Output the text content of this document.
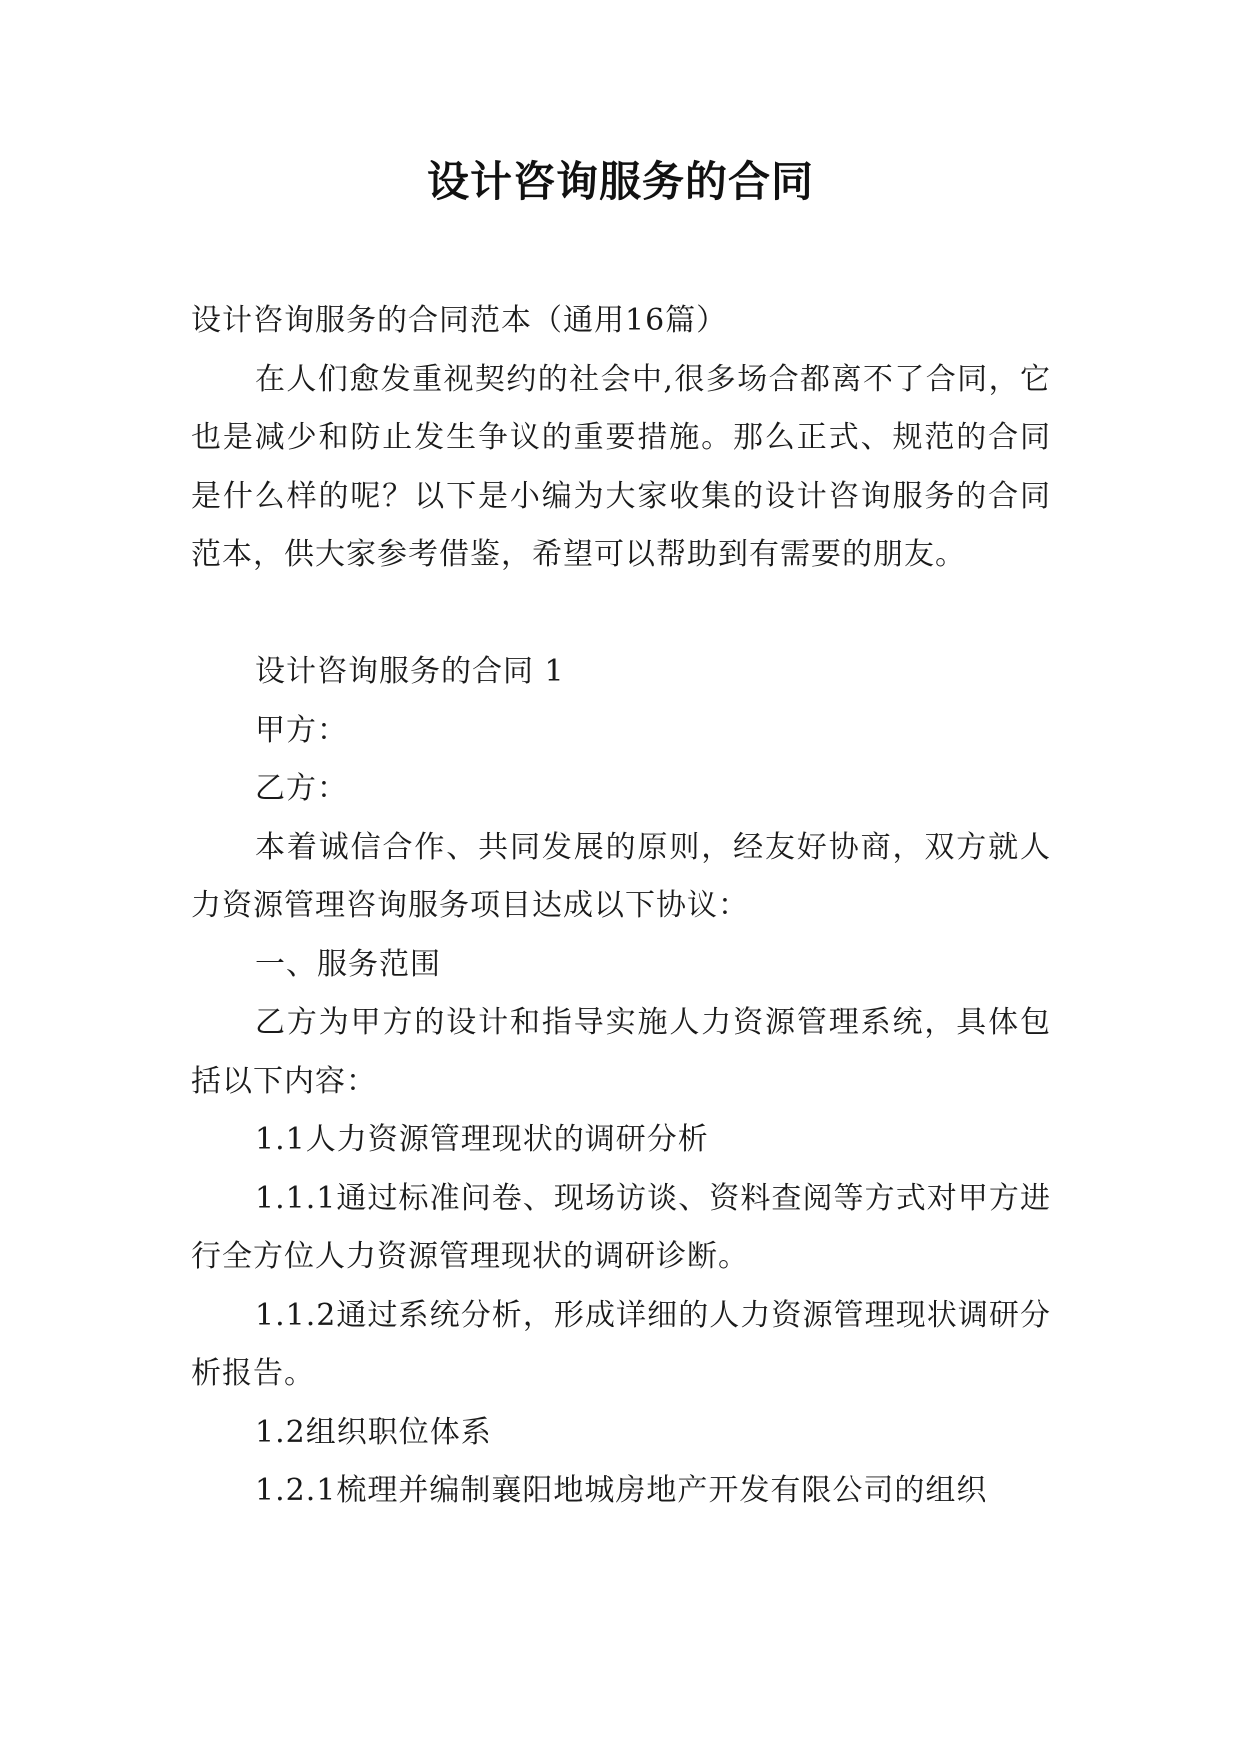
设计咨询服务的合同

设计咨询服务的合同范本（通用16篇）

在人们愈发重视契约的社会中,很多场合都离不了合同，它也是减少和防止发生争议的重要措施。那么正式、规范的合同是什么样的呢？以下是小编为大家收集的设计咨询服务的合同范本，供大家参考借鉴，希望可以帮助到有需要的朋友。

设计咨询服务的合同 1

甲方：

乙方：

本着诚信合作、共同发展的原则，经友好协商，双方就人力资源管理咨询服务项目达成以下协议：

一、服务范围

乙方为甲方的设计和指导实施人力资源管理系统，具体包括以下内容：

1.1人力资源管理现状的调研分析

1.1.1通过标准问卷、现场访谈、资料查阅等方式对甲方进行全方位人力资源管理现状的调研诊断。

1.1.2通过系统分析，形成详细的人力资源管理现状调研分析报告。

1.2组织职位体系

1.2.1梳理并编制襄阳地城房地产开发有限公司的组织
